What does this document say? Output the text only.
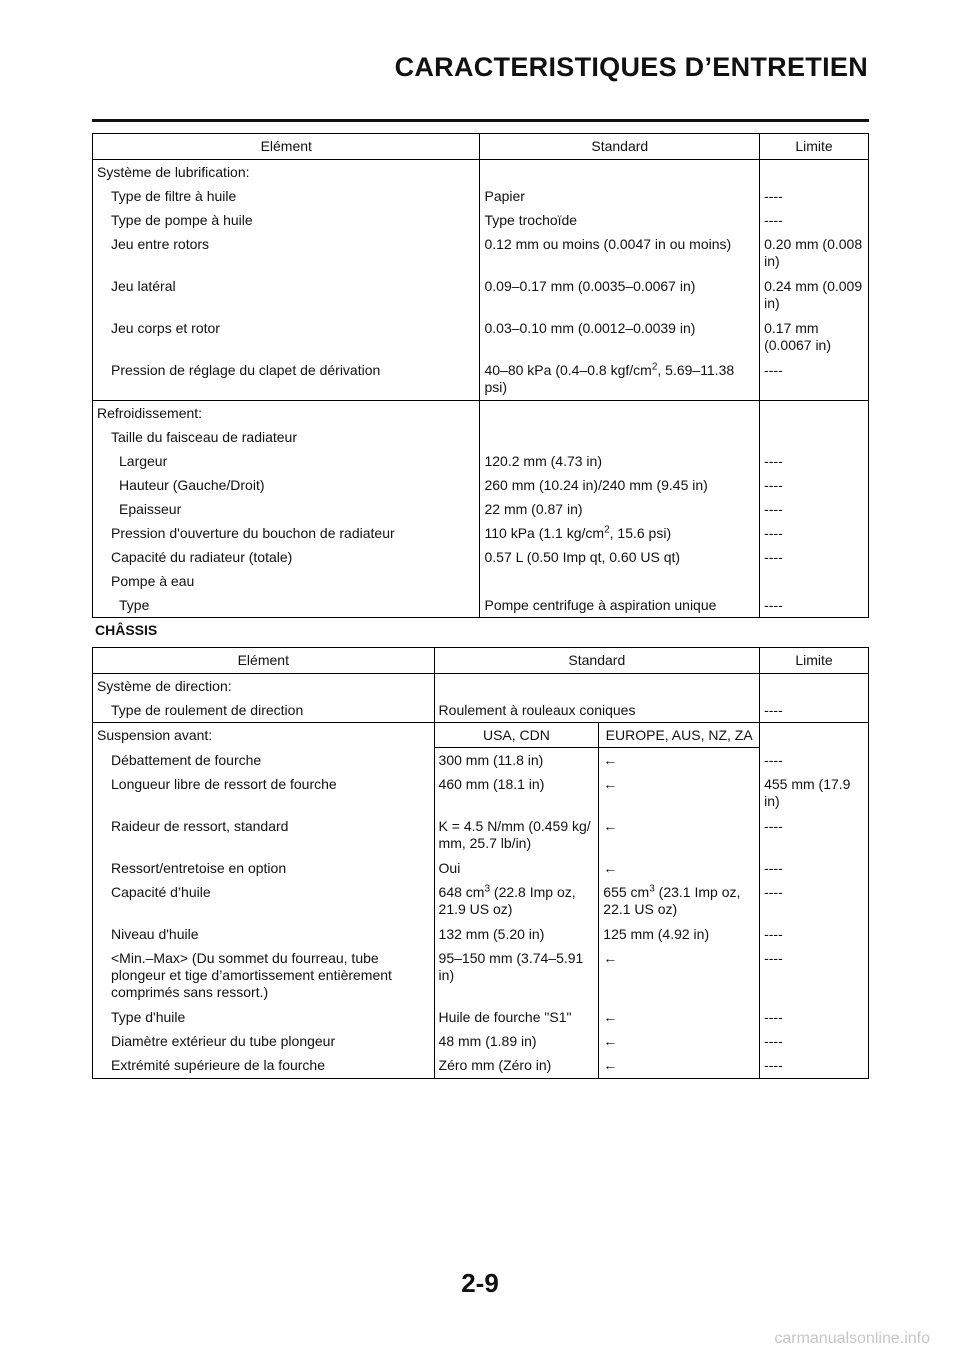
CARACTERISTIQUES D’ENTRETIEN
Elément	Standard	Limite
Système de lubrification:		
Type de filtre à huile	Papier	----
Type de pompe à huile	Type trochoïde	----
Jeu entre rotors	0.12 mm ou moins (0.0047 in ou moins)	0.20 mm (0.008 in)
Jeu latéral	0.09–0.17 mm (0.0035–0.0067 in)	0.24 mm (0.009 in)
Jeu corps et rotor	0.03–0.10 mm (0.0012–0.0039 in)	0.17 mm (0.0067 in)
Pression de réglage du clapet de dérivation	40–80 kPa (0.4–0.8 kgf/$cm^2$, 5.69–11.38 psi)	----
Refroidissement:		
Taille du faisceau de radiateur		
Largeur	120.2 mm (4.73 in)	----
Hauteur (Gauche/Droit)	260 mm (10.24 in)/240 mm (9.45 in)	----
Epaisseur	22 mm (0.87 in)	----
Pression d'ouverture du bouchon de radiateur	110 kPa (1.1 $kg/cm^2$, 15.6 psi)	----
Capacité du radiateur (totale)	0.57 L (0.50 Imp qt, 0.60 US qt)	----
Pompe à eau		
Type	Pompe centrifuge à aspiration unique	----
CHÂSSIS
Elément	Standard		Limite
Système de direction:			
Type de roulement de direction	Roulement à rouleaux coniques		----
Suspension avant:	USA, CDN	EUROPE, AUS, NZ, ZA	
Débattement de fourche	300 mm (11.8 in)	←	----
Longueur libre de ressort de fourche	460 mm (18.1 in)	←	455 mm (17.9 in)
Raideur de ressort, standard	K = 4.5 N/mm (0.459 kg/ mm, 25.7 lb/in)	←	----
Ressort/entretoise en option	Oui	←	----
Capacité d’huile	648 $cm^3$ (22.8 Imp oz, 21.9 US oz)	655 $cm^3$ (23.1 Imp oz, 22.1 US oz)	----
Niveau d'huile	132 mm (5.20 in)	125 mm (4.92 in)	----
<Min.–Max> (Du sommet du fourreau, tube plongeur et tige d’amortissement entièrement comprimés sans ressort.)	95–150 mm (3.74–5.91 in)	←	----
Type d'huile	Huile de fourche "S1"	←	----
Diamètre extérieur du tube plongeur	48 mm (1.89 in)	←	----
Extrémité supérieure de la fourche	Zéro mm (Zéro in)	←	----
2-9
carmanualsonline.info
